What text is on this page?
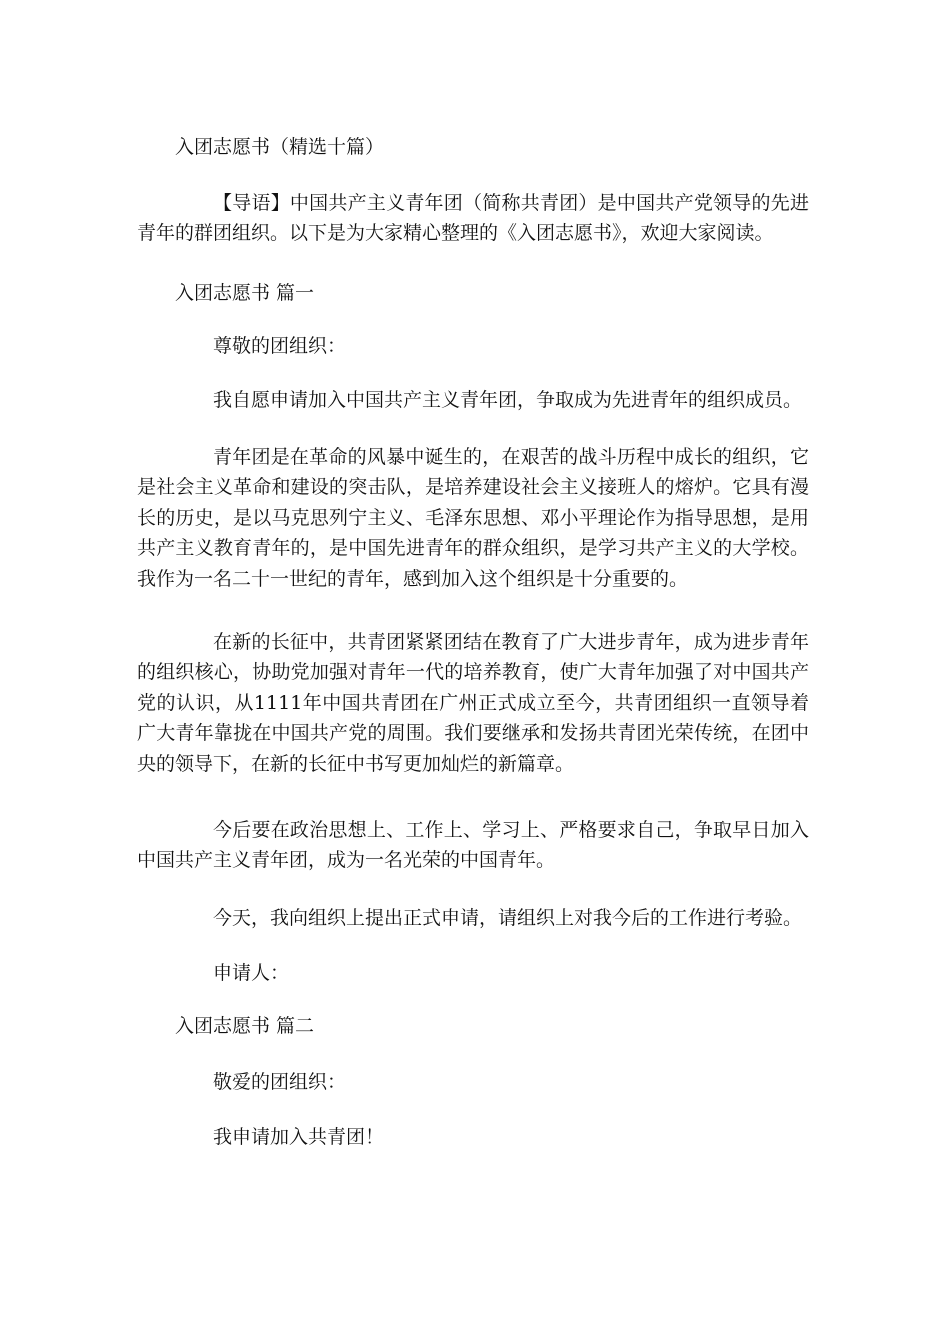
入团志愿书（精选十篇）

【导语】中国共产主义青年团（简称共青团）是中国共产党领导的先进青年的群团组织。以下是为大家精心整理的《入团志愿书》，欢迎大家阅读。

入团志愿书 篇一

尊敬的团组织：

我自愿申请加入中国共产主义青年团，争取成为先进青年的组织成员。

青年团是在革命的风暴中诞生的，在艰苦的战斗历程中成长的组织，它是社会主义革命和建设的突击队，是培养建设社会主义接班人的熔炉。它具有漫长的历史，是以马克思列宁主义、毛泽东思想、邓小平理论作为指导思想，是用共产主义教育青年的，是中国先进青年的群众组织，是学习共产主义的大学校。我作为一名二十一世纪的青年，感到加入这个组织是十分重要的。

在新的长征中，共青团紧紧团结在教育了广大进步青年，成为进步青年的组织核心，协助党加强对青年一代的培养教育，使广大青年加强了对中国共产党的认识，从1111年中国共青团在广州正式成立至今，共青团组织一直领导着广大青年靠拢在中国共产党的周围。我们要继承和发扬共青团光荣传统，在团中央的领导下，在新的长征中书写更加灿烂的新篇章。

今后要在政治思想上、工作上、学习上、严格要求自己，争取早日加入中国共产主义青年团，成为一名光荣的中国青年。

今天，我向组织上提出正式申请，请组织上对我今后的工作进行考验。

申请人：

入团志愿书 篇二

敬爱的团组织：

我申请加入共青团！
